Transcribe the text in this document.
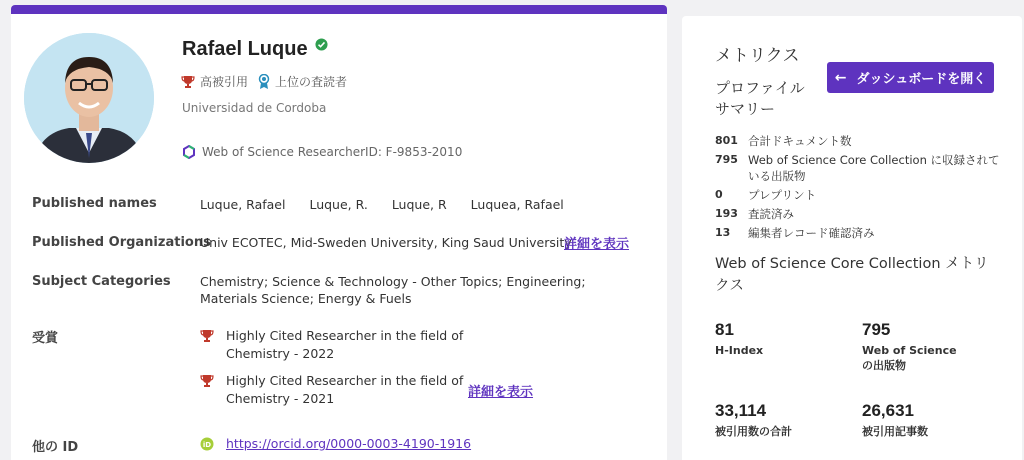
Rafael Luque
高被引用 上位の査読者
Universidad de Cordoba
Web of Science ResearcherID: F-9853-2010
Published names	Luque, Rafael Luque, R. Luque, R Luquea, Rafael
Published Organizations
Univ ECOTEC, Mid-Sweden University, King Saud University
詳細を表示
Subject Categories Chemistry; Science & Technology - Other Topics; Engineering; Materials Science; Energy & Fuels
受賞	Highly Cited Researcher in the field of Chemistry - 2022
Highly Cited Researcher in the field of Chemistry - 2021	詳細を表示
他の ID	iD https://orcid.org/0000-0003-4190-1916
メトリクス
← ダッシュボードを開く
プロファイルサマリー
801 合計ドキュメント数
795 Web of Science Core Collection に収録されている出版物
0	プレプリント
193 査読済み
13	編集者レコード確認済み
Web of Science Core Collection メトリクス
81
H-Index
795
Web of Science の出版物
33,114
被引用数の合計
26,631
被引用記事数
